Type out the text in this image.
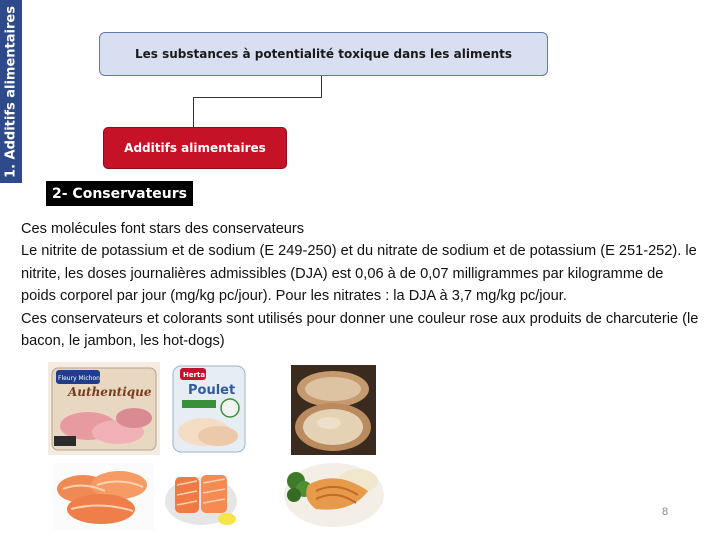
1. Additifs alimentaires	Les substances à potentialité toxique dans les aliments
Additifs alimentaires
2- Conservateurs

Ces molécules font stars des conservateurs

Le nitrite de potassium et de sodium (E 249-250) et du nitrate de sodium et de potassium (E 251-252). le nitrite, les doses journalières admissibles (DJA) est 0,06 à de 0,07 milligrammes par kilogramme de poids corporel par jour (mg/kg pc/jour). Pour les nitrates : la DJA à 3,7 mg/kg pc/jour.

Ces conservateurs et colorants sont utilisés pour donner une couleur rose aux produits de charcuterie (le bacon, le jambon, les hot-dogs)

Fleury Michon
Authentique
Herta
Poulet
8
